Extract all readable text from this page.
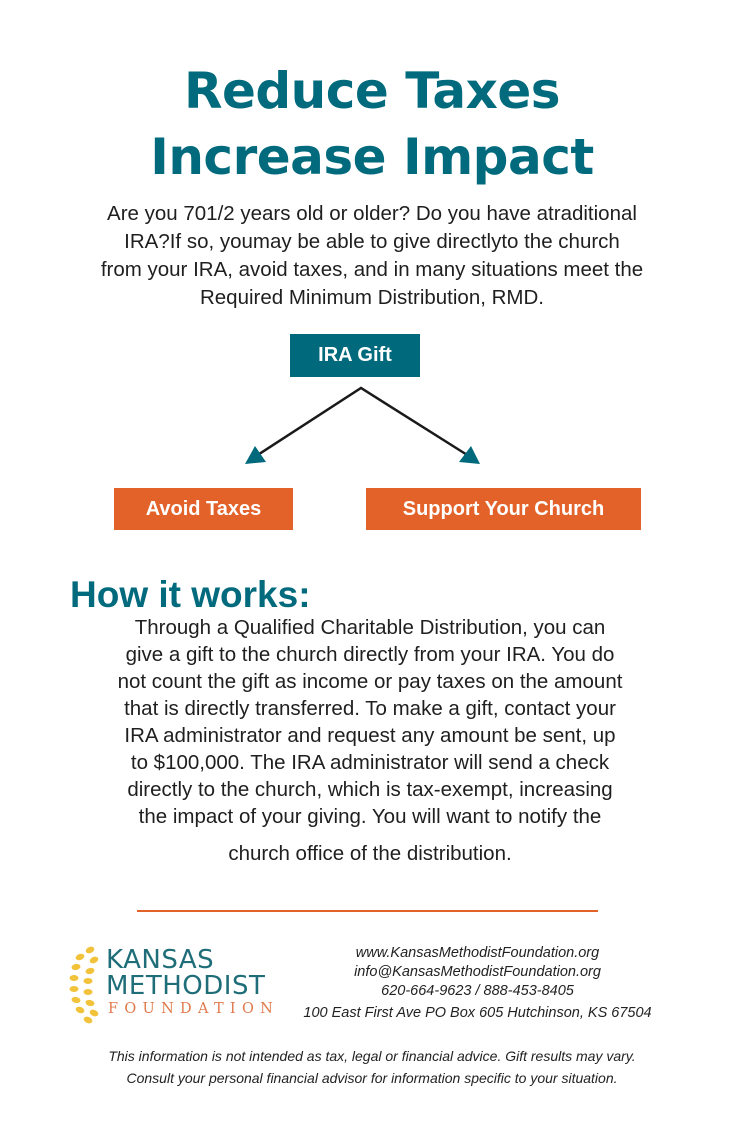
Reduce Taxes
Increase Impact
Are you 701/2 years old or older? Do you have atraditional
IRA?If so, youmay be able to give directlyto the church
from your IRA, avoid taxes, and in many situations meet the
Required Minimum Distribution, RMD.
IRA Gift
Avoid Taxes	Support Your Church
How it works:
Through a Qualified Charitable Distribution, you can
give a gift to the church directly from your IRA. You do
not count the gift as income or pay taxes on the amount
that is directly transferred. To make a gift, contact your
IRA administrator and request any amount be sent, up
to $100,000. The IRA administrator will send a check
directly to the church, which is tax-exempt, increasing
the impact of your giving. You will want to notify the
church office of the distribution.
KANSAS
METHODIST
FOUNDATION
www.KansasMethodistFoundation.org
info@KansasMethodistFoundation.org
620-664-9623 / 888-453-8405
100 East First Ave PO Box 605 Hutchinson, KS 67504
This information is not intended as tax, legal or financial advice. Gift results may vary.
Consult your personal financial advisor for information specific to your situation.
